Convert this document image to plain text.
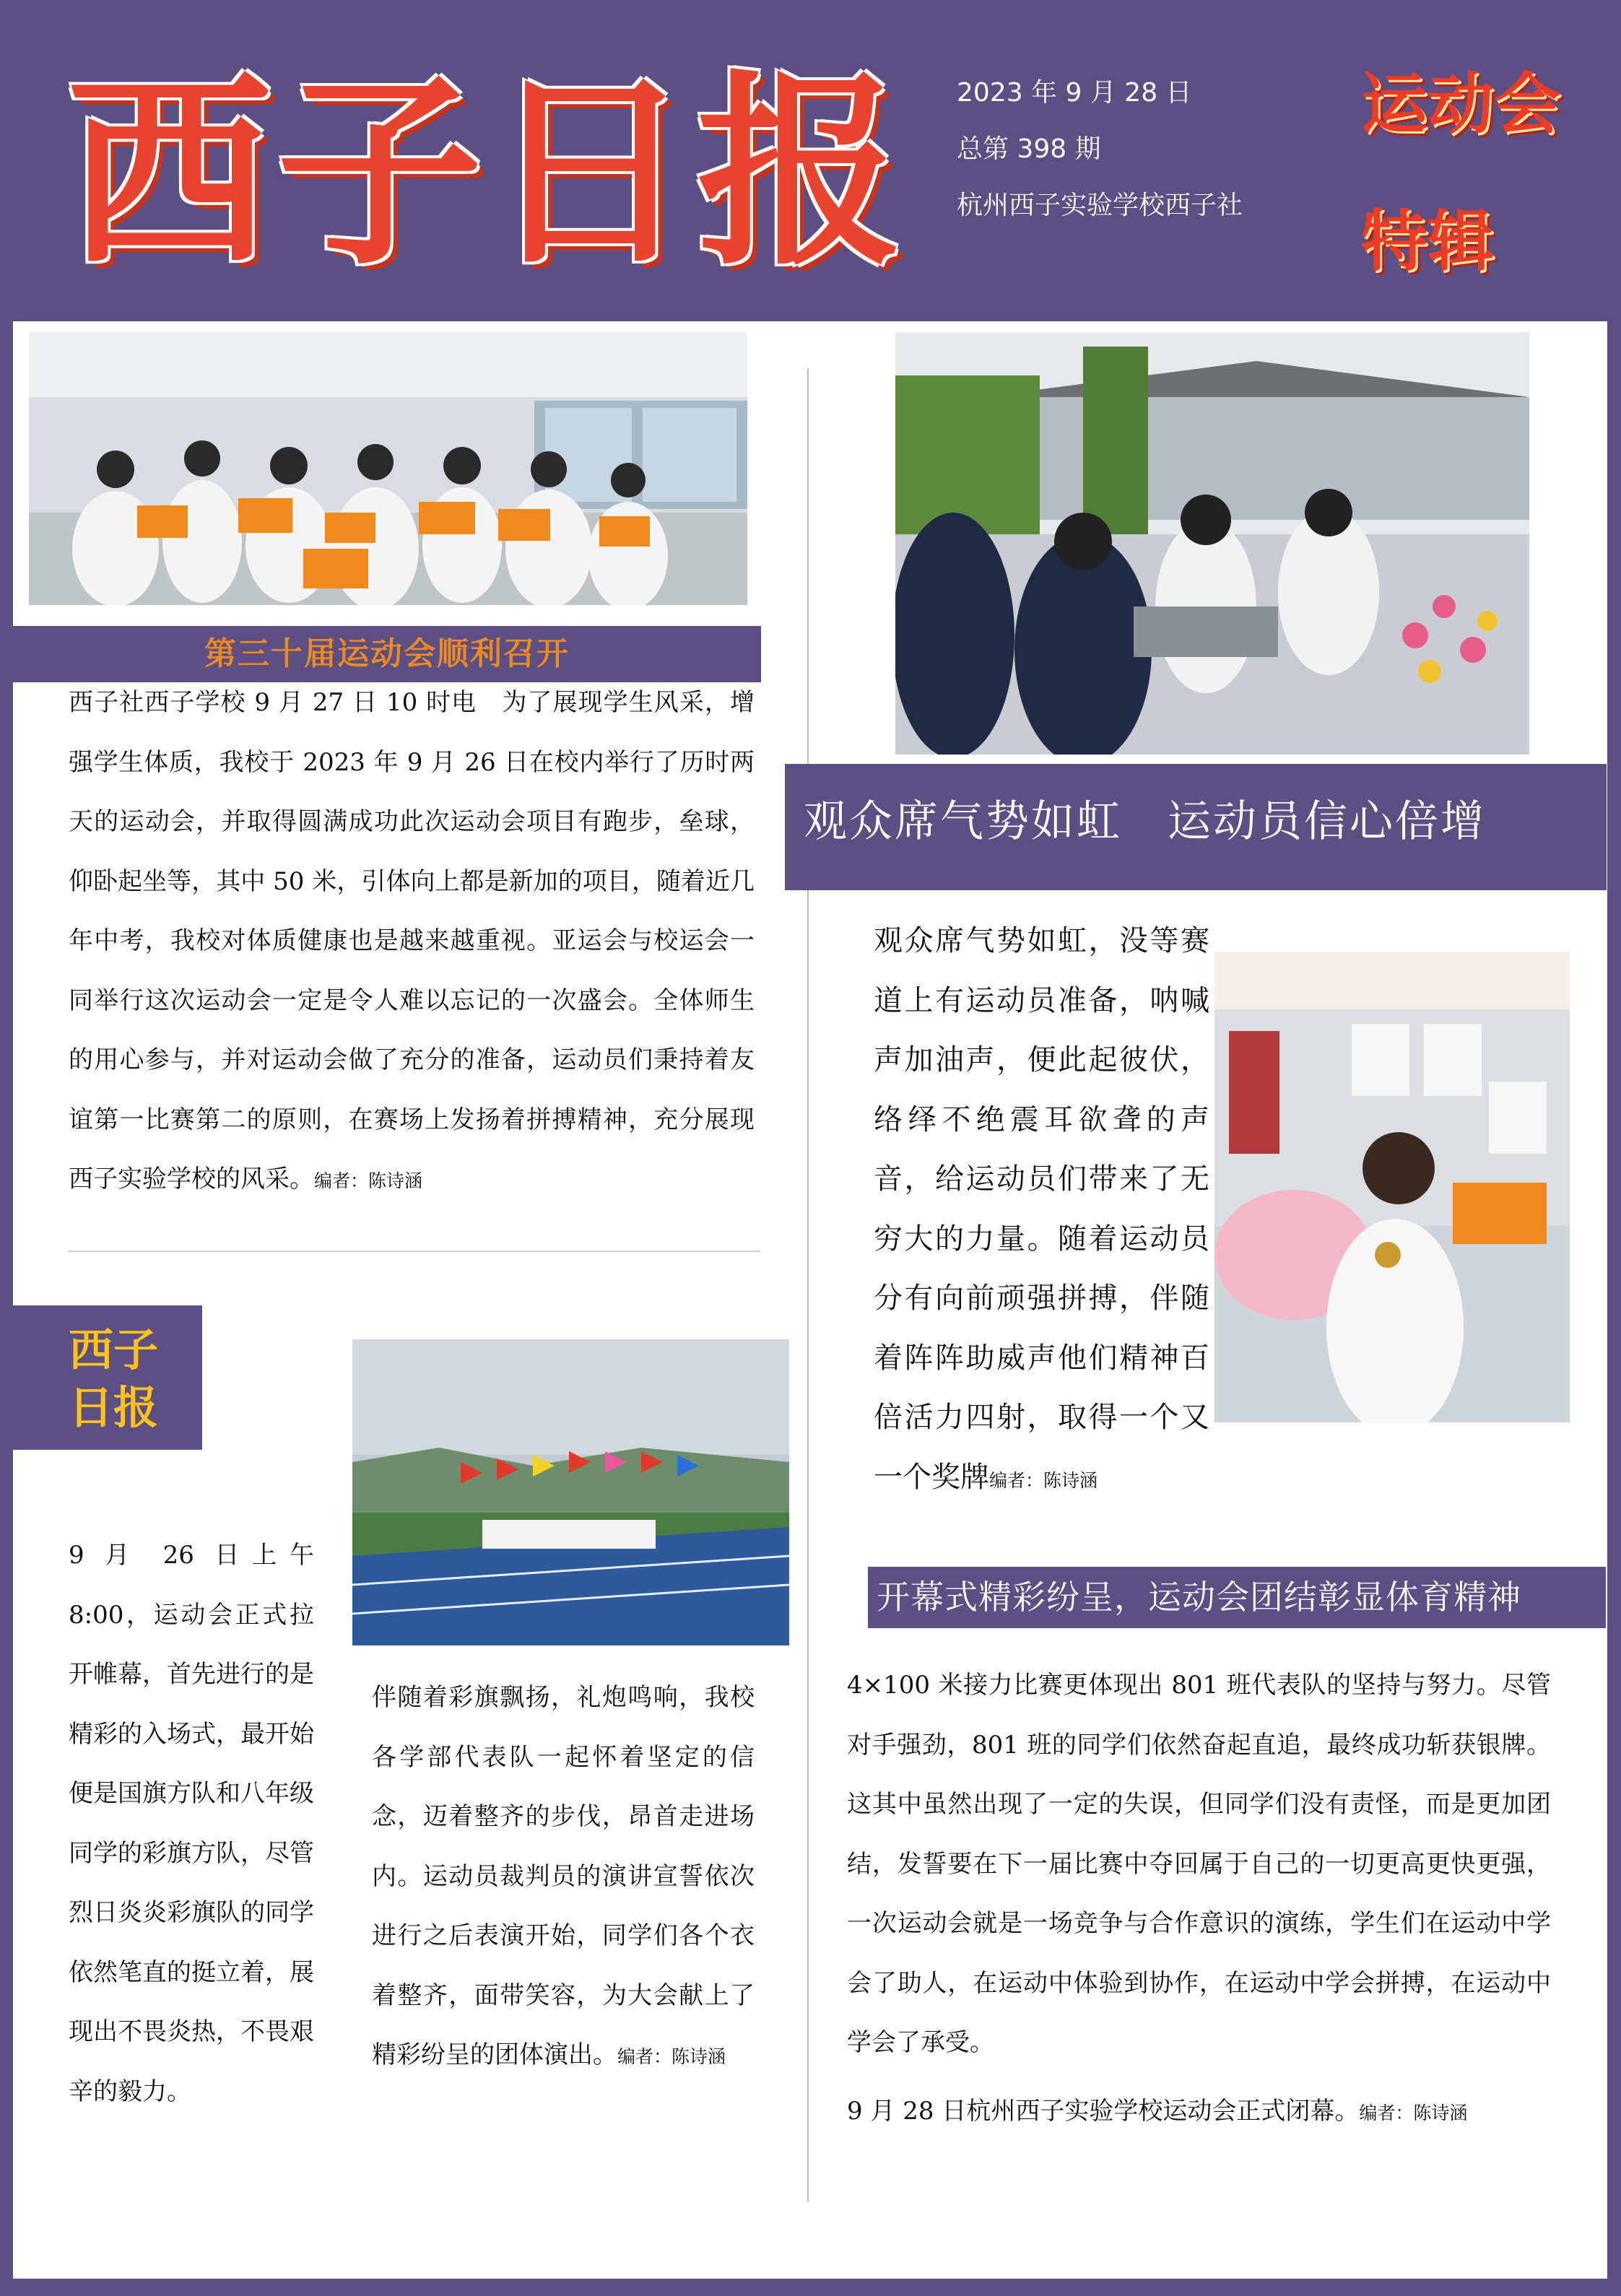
西子日报 2023 年 9 月 28 日
总第 398 期
杭州西子实验学校西子社
运动会
特辑
第三十届运动会顺利召开
西子社西子学校 9 月 27 日 10 时电　为了展现学生风采，增强学生体质，我校于 2023 年 9 月 26 日在校内举行了历时两天的运动会，并取得圆满成功此次运动会项目有跑步，垒球，仰卧起坐等，其中 50 米，引体向上都是新加的项目，随着近几年中考，我校对体质健康也是越来越重视。亚运会与校运会一同举行这次运动会一定是令人难以忘记的一次盛会。全体师生的用心参与，并对运动会做了充分的准备，运动员们秉持着友谊第一比赛第二的原则，在赛场上发扬着拼搏精神，充分展现西子实验学校的风采。编者：陈诗涵
观众席气势如虹　运动员信心倍增
观众席气势如虹，没等赛道上有运动员准备，呐喊声加油声，便此起彼伏，络绎不绝震耳欲聋的声音，给运动员们带来了无穷大的力量。随着运动员分有向前顽强拼搏，伴随着阵阵助威声他们精神百倍活力四射，取得一个又一个奖牌编者：陈诗涵
西子
日报
9 月 26 日上午 8:00，运动会正式拉开帷幕，首先进行的是精彩的入场式，最开始便是国旗方队和八年级同学的彩旗方队，尽管烈日炎炎彩旗队的同学依然笔直的挺立着，展现出不畏炎热，不畏艰辛的毅力。
伴随着彩旗飘扬，礼炮鸣响，我校各学部代表队一起怀着坚定的信念，迈着整齐的步伐，昂首走进场内。运动员裁判员的演讲宣誓依次进行之后表演开始，同学们各个衣着整齐，面带笑容，为大会献上了精彩纷呈的团体演出。编者：陈诗涵
开幕式精彩纷呈，运动会团结彰显体育精神
4×100 米接力比赛更体现出 801 班代表队的坚持与努力。尽管对手强劲，801 班的同学们依然奋起直追，最终成功斩获银牌。这其中虽然出现了一定的失误，但同学们没有责怪，而是更加团结，发誓要在下一届比赛中夺回属于自己的一切更高更快更强，一次运动会就是一场竞争与合作意识的演练，学生们在运动中学会了助人，在运动中体验到协作，在运动中学会拼搏，在运动中学会了承受。
9 月 28 日杭州西子实验学校运动会正式闭幕。编者：陈诗涵
